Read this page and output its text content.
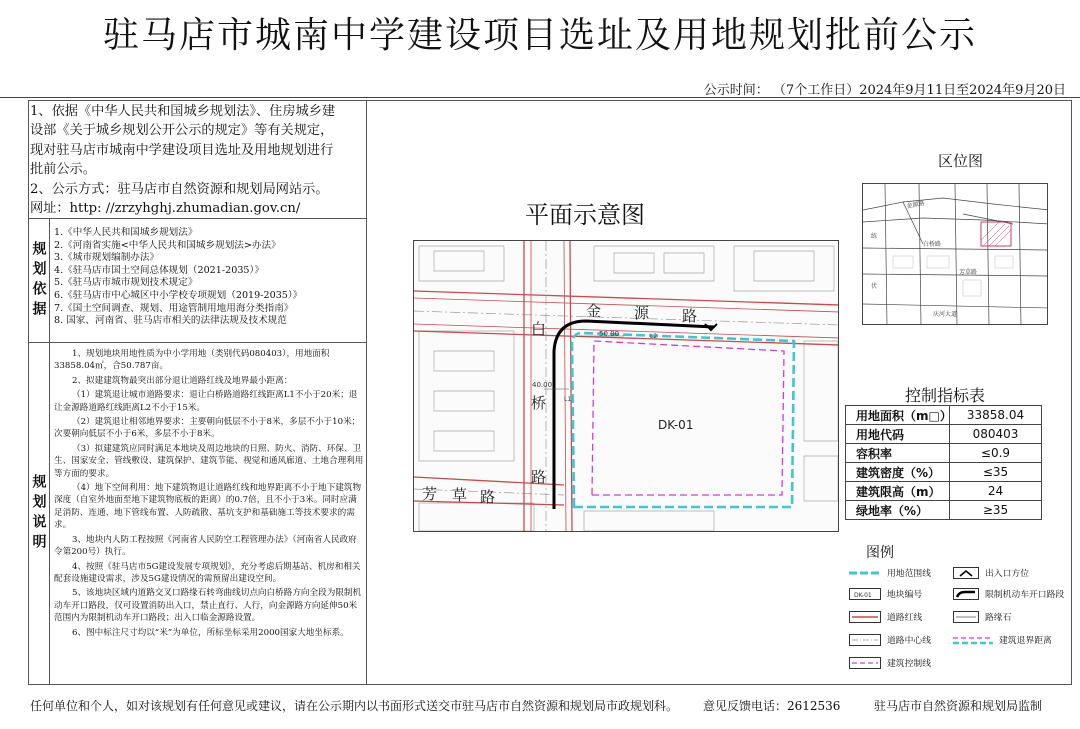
驻马店市城南中学建设项目选址及用地规划批前公示
公示时间： （7个工作日）2024年9月11日至2024年9月20日

1、依据《中华人民共和国城乡规划法》、住房城乡建

设部《关于城乡规划公开公示的规定》等有关规定，

现对驻马店市城南中学建设项目选址及用地规划进行

批前公示。

2、公示方式：驻马店市自然资源和规划局网站示。

网址：http: //zrzyhghj.zhumadian.gov.cn/

规划依据

1.《中华人民共和国城乡规划法》

2.《河南省实施<中华人民共和国城乡规划法>办法》

3.《城市规划编制办法》

4.《驻马店市国土空间总体规划（2021-2035）》

5.《驻马店市城市规划技术规定》

6.《驻马店市中心城区中小学校专项规划（2019-2035）》

7.《国土空间调查、规划、用途管制用地用海分类指南》

8. 国家、河南省、驻马店市相关的法律法规及技术规范

规划说明

1、规划地块用地性质为中小学用地（类别代码080403），用地面积33858.04㎡，合50.787亩。

2、拟建建筑物最突出部分退让道路红线及地界最小距离：

（1）建筑退让城市道路要求：退让白桥路道路红线距离L1不小于20米；退让金源路道路红线距离L2不小于15米。

（2）建筑退让相邻地界要求：主要朝向低层不小于8米，多层不小于10米；次要朝向低层不小于6米，多层不小于8米。

（3）拟建建筑应同时满足本地块及周边地块的日照、防火、消防、环保、卫生、国家安全、管线敷设、建筑保护、建筑节能、视觉和通风廊道、土地合理利用等方面的要求。

（4）地下空间利用：地下建筑物退让道路红线和地界距离不小于地下建筑物深度（自室外地面至地下建筑物底板的距离）的0.7倍，且不小于3米。同时应满足消防、连通、地下管线布置、人防疏散、基坑支护和基础施工等技术要求的需求。

3、地块内人防工程按照《河南省人民防空工程管理办法》（河南省人民政府令第200号）执行。

4、按照《驻马店市5G建设发展专项规划》，充分考虑后期基站、机房和相关配套设施建设需求，涉及5G建设情况的需预留出建设空间。

5、该地块区域内道路交叉口路缘石转弯曲线切点向白桥路方向全段为限制机动车开口路段，仅可设置消防出入口，禁止直行、人行，向金源路方向延伸50米范围内为限制机动车开口路段；出入口临金源路设置。

6、图中标注尺寸均以“米”为单位，所标坐标采用2000国家大地坐标系。

平面示意图
50.00
40.00
L2
L1
DK-01
金 源 路
白
桥
路
芳 草 路
区位图
金源路
白桥路
芳草路
练
伏
庆河大道
控制指标表
用地面积（m□）	33858.04
用地代码	080403
容积率	≤0.9
建筑密度（%）	≤35
建筑限高（m）	24
绿地率（%）	≥35
图例
用地范围线	出入口方位
DK-01 地块编号	限制机动车开口路段
道路红线	路缘石
道路中心线	建筑退界距离
建筑控制线
任何单位和个人，如对该规划有任何意见或建议，请在公示期内以书面形式送交市驻马店市自然资源和规划局市政规划科。 意见反馈电话：2612536	驻马店市自然资源和规划局监制
